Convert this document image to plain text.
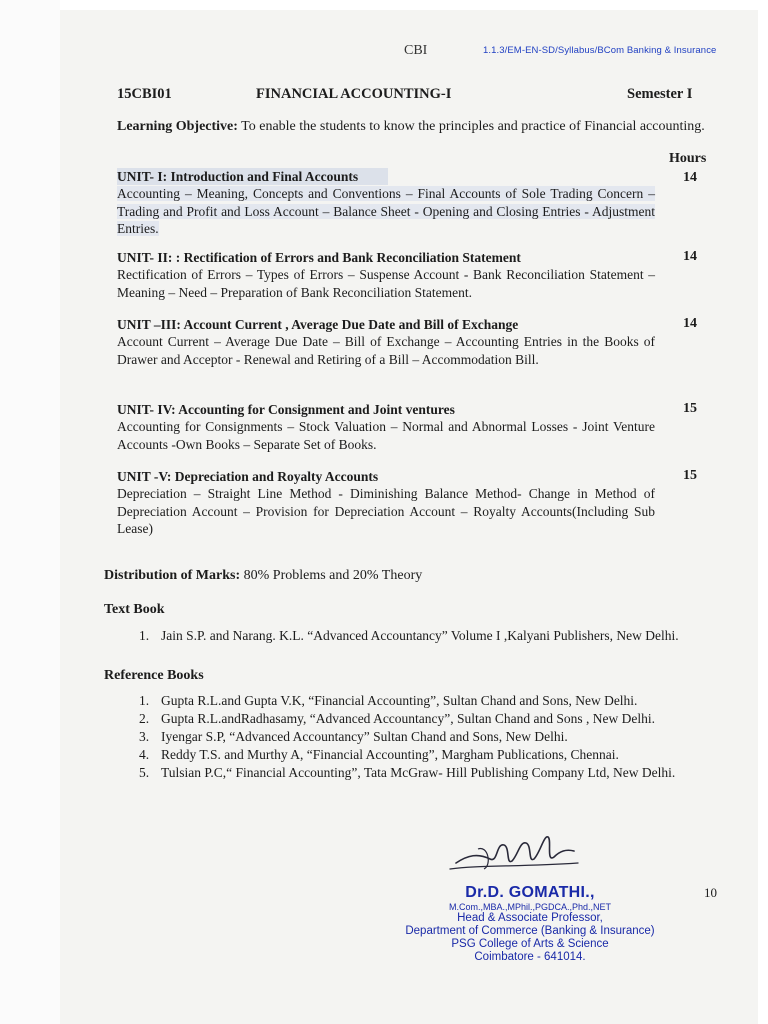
CBI	1.1.3/EM-EN-SD/Syllabus/BCom Banking & Insurance
15CBI01	FINANCIAL ACCOUNTING-I	Semester I
Learning Objective: To enable the students to know the principles and practice of Financial accounting.
Hours
UNIT- I: Introduction and Final Accounts
Accounting – Meaning, Concepts and Conventions – Final Accounts of Sole Trading Concern – Trading and Profit and Loss Account – Balance Sheet - Opening and Closing Entries - Adjustment Entries.
14
UNIT- II: : Rectification of Errors and Bank Reconciliation Statement
Rectification of Errors – Types of Errors – Suspense Account - Bank Reconciliation Statement – Meaning – Need – Preparation of Bank Reconciliation Statement.
14
UNIT –III: Account Current , Average Due Date and Bill of Exchange
Account Current – Average Due Date – Bill of Exchange – Accounting Entries in the Books of Drawer and Acceptor - Renewal and Retiring of a Bill – Accommodation Bill.
14
UNIT- IV: Accounting for Consignment and Joint ventures
Accounting for Consignments – Stock Valuation – Normal and Abnormal Losses - Joint Venture Accounts -Own Books – Separate Set of Books.
15
UNIT -V: Depreciation and Royalty Accounts
Depreciation – Straight Line Method - Diminishing Balance Method- Change in Method of Depreciation Account – Provision for Depreciation Account – Royalty Accounts(Including Sub Lease)
15
Distribution of Marks: 80% Problems and 20% Theory
Text Book
1. Jain S.P. and Narang. K.L. “Advanced Accountancy” Volume I ,Kalyani Publishers, New Delhi.
Reference Books
1. Gupta R.L.and Gupta V.K, “Financial Accounting”, Sultan Chand and Sons, New Delhi.
2. Gupta R.L.andRadhasamy, “Advanced Accountancy”, Sultan Chand and Sons , New Delhi.
3. Iyengar S.P, “Advanced Accountancy” Sultan Chand and Sons, New Delhi.
4. Reddy T.S. and Murthy A, “Financial Accounting”, Margham Publications, Chennai.
5. Tulsian P.C,“ Financial Accounting”, Tata McGraw- Hill Publishing Company Ltd, New Delhi.
Dr.D. GOMATHI.,
M.Com.,MBA.,MPhil.,PGDCA.,Phd.,NET
Head & Associate Professor,
Department of Commerce (Banking & Insurance)
PSG College of Arts & Science
Coimbatore - 641014.
10
